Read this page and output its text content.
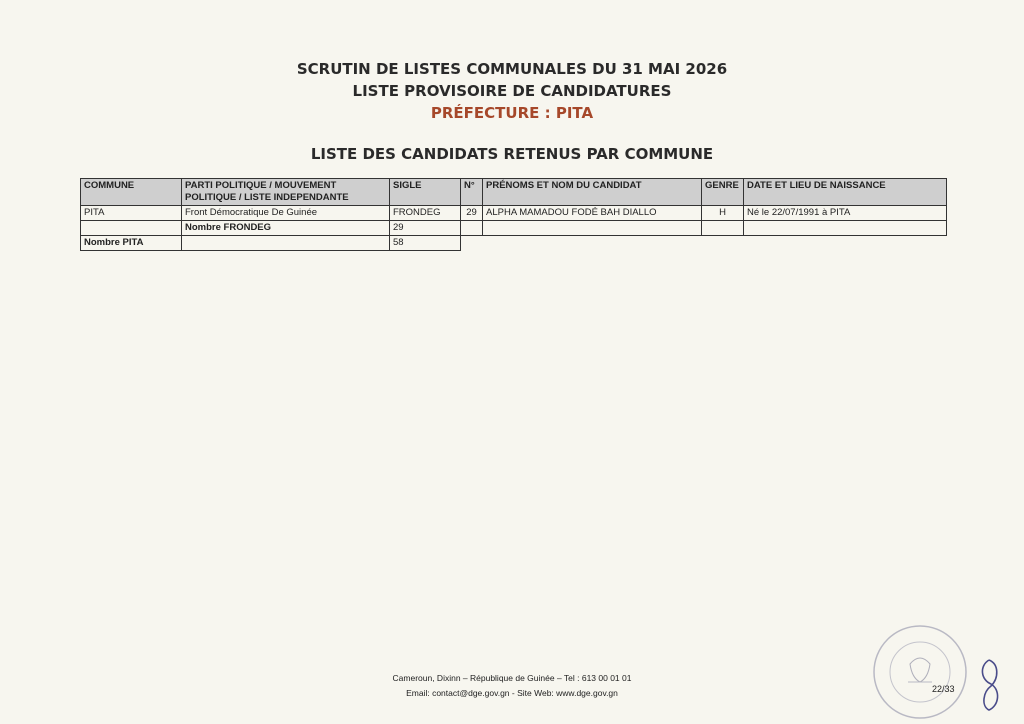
SCRUTIN DE LISTES COMMUNALES DU 31 MAI 2026
LISTE PROVISOIRE DE CANDIDATURES
PRÉFECTURE : PITA
LISTE DES CANDIDATS RETENUS PAR COMMUNE
COMMUNE	PARTI POLITIQUE / MOUVEMENT POLITIQUE / LISTE INDEPENDANTE	SIGLE	N°	PRÉNOMS ET NOM DU CANDIDAT	GENRE	DATE ET LIEU DE NAISSANCE
PITA	Front Démocratique De Guinée	FRONDEG	29	ALPHA MAMADOU FODÉ BAH DIALLO	H	Né le 22/07/1991 à PITA
	Nombre FRONDEG	29				
Nombre PITA		58				
Cameroun, Dixinn – République de Guinée – Tel : 613 00 01 01
Email: contact@dge.gov.gn - Site Web: www.dge.gov.gn	22/33
